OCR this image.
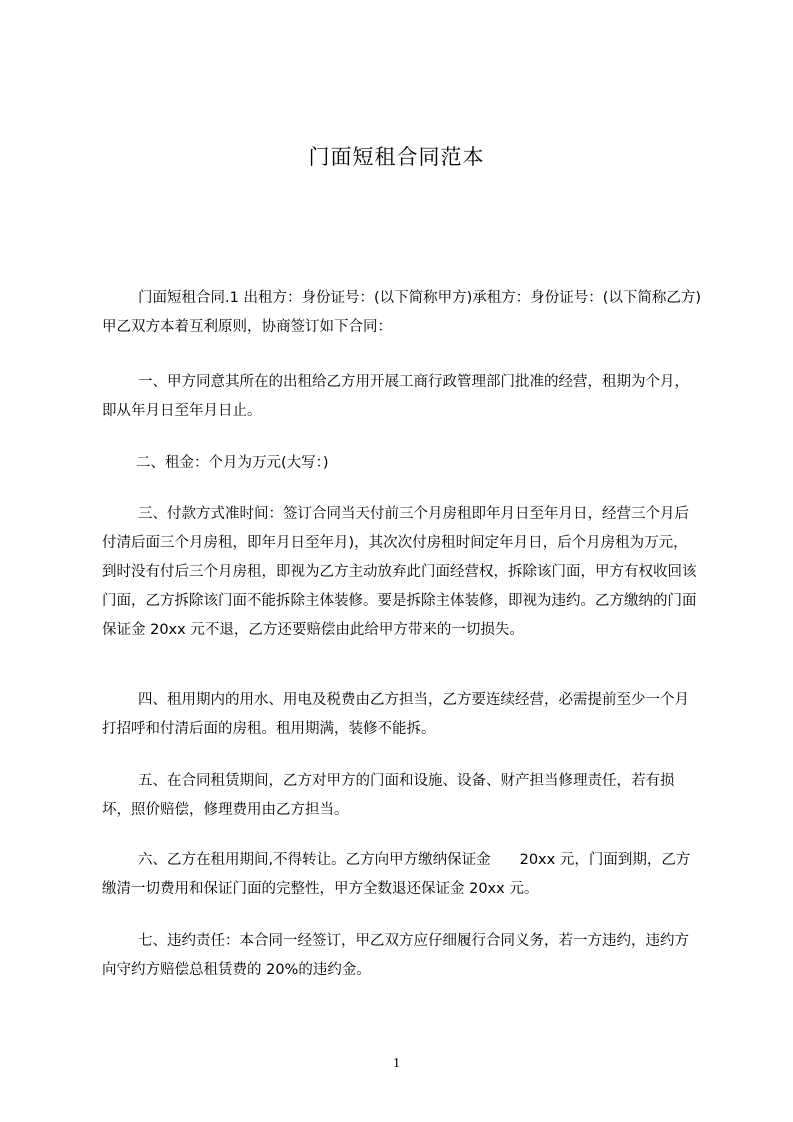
门面短租合同范本

门面短租合同.1 出租方：身份证号：(以下简称甲方)承租方：身份证号：(以下简称乙方)甲乙双方本着互利原则，协商签订如下合同：

一、甲方同意其所在的出租给乙方用开展工商行政管理部门批准的经营，租期为个月，即从年月日至年月日止。

二、租金：个月为万元(大写：)

三、付款方式准时间：签订合同当天付前三个月房租即年月日至年月日，经营三个月后付清后面三个月房租，即年月日至年月)，其次次付房租时间定年月日，后个月房租为万元，到时没有付后三个月房租，即视为乙方主动放弃此门面经营权，拆除该门面，甲方有权收回该门面，乙方拆除该门面不能拆除主体装修。要是拆除主体装修，即视为违约。乙方缴纳的门面保证金 20xx 元不退，乙方还要赔偿由此给甲方带来的一切损失。

四、租用期内的用水、用电及税费由乙方担当，乙方要连续经营，必需提前至少一个月打招呼和付清后面的房租。租用期满，装修不能拆。

五、在合同租赁期间，乙方对甲方的门面和设施、设备、财产担当修理责任，若有损坏，照价赔偿，修理费用由乙方担当。

六、乙方在租用期间,不得转让。乙方向甲方缴纳保证金　　20xx 元，门面到期，乙方缴清一切费用和保证门面的完整性，甲方全数退还保证金 20xx 元。

七、违约责任：本合同一经签订，甲乙双方应仔细履行合同义务，若一方违约，违约方向守约方赔偿总租赁费的 20%的违约金。

1
